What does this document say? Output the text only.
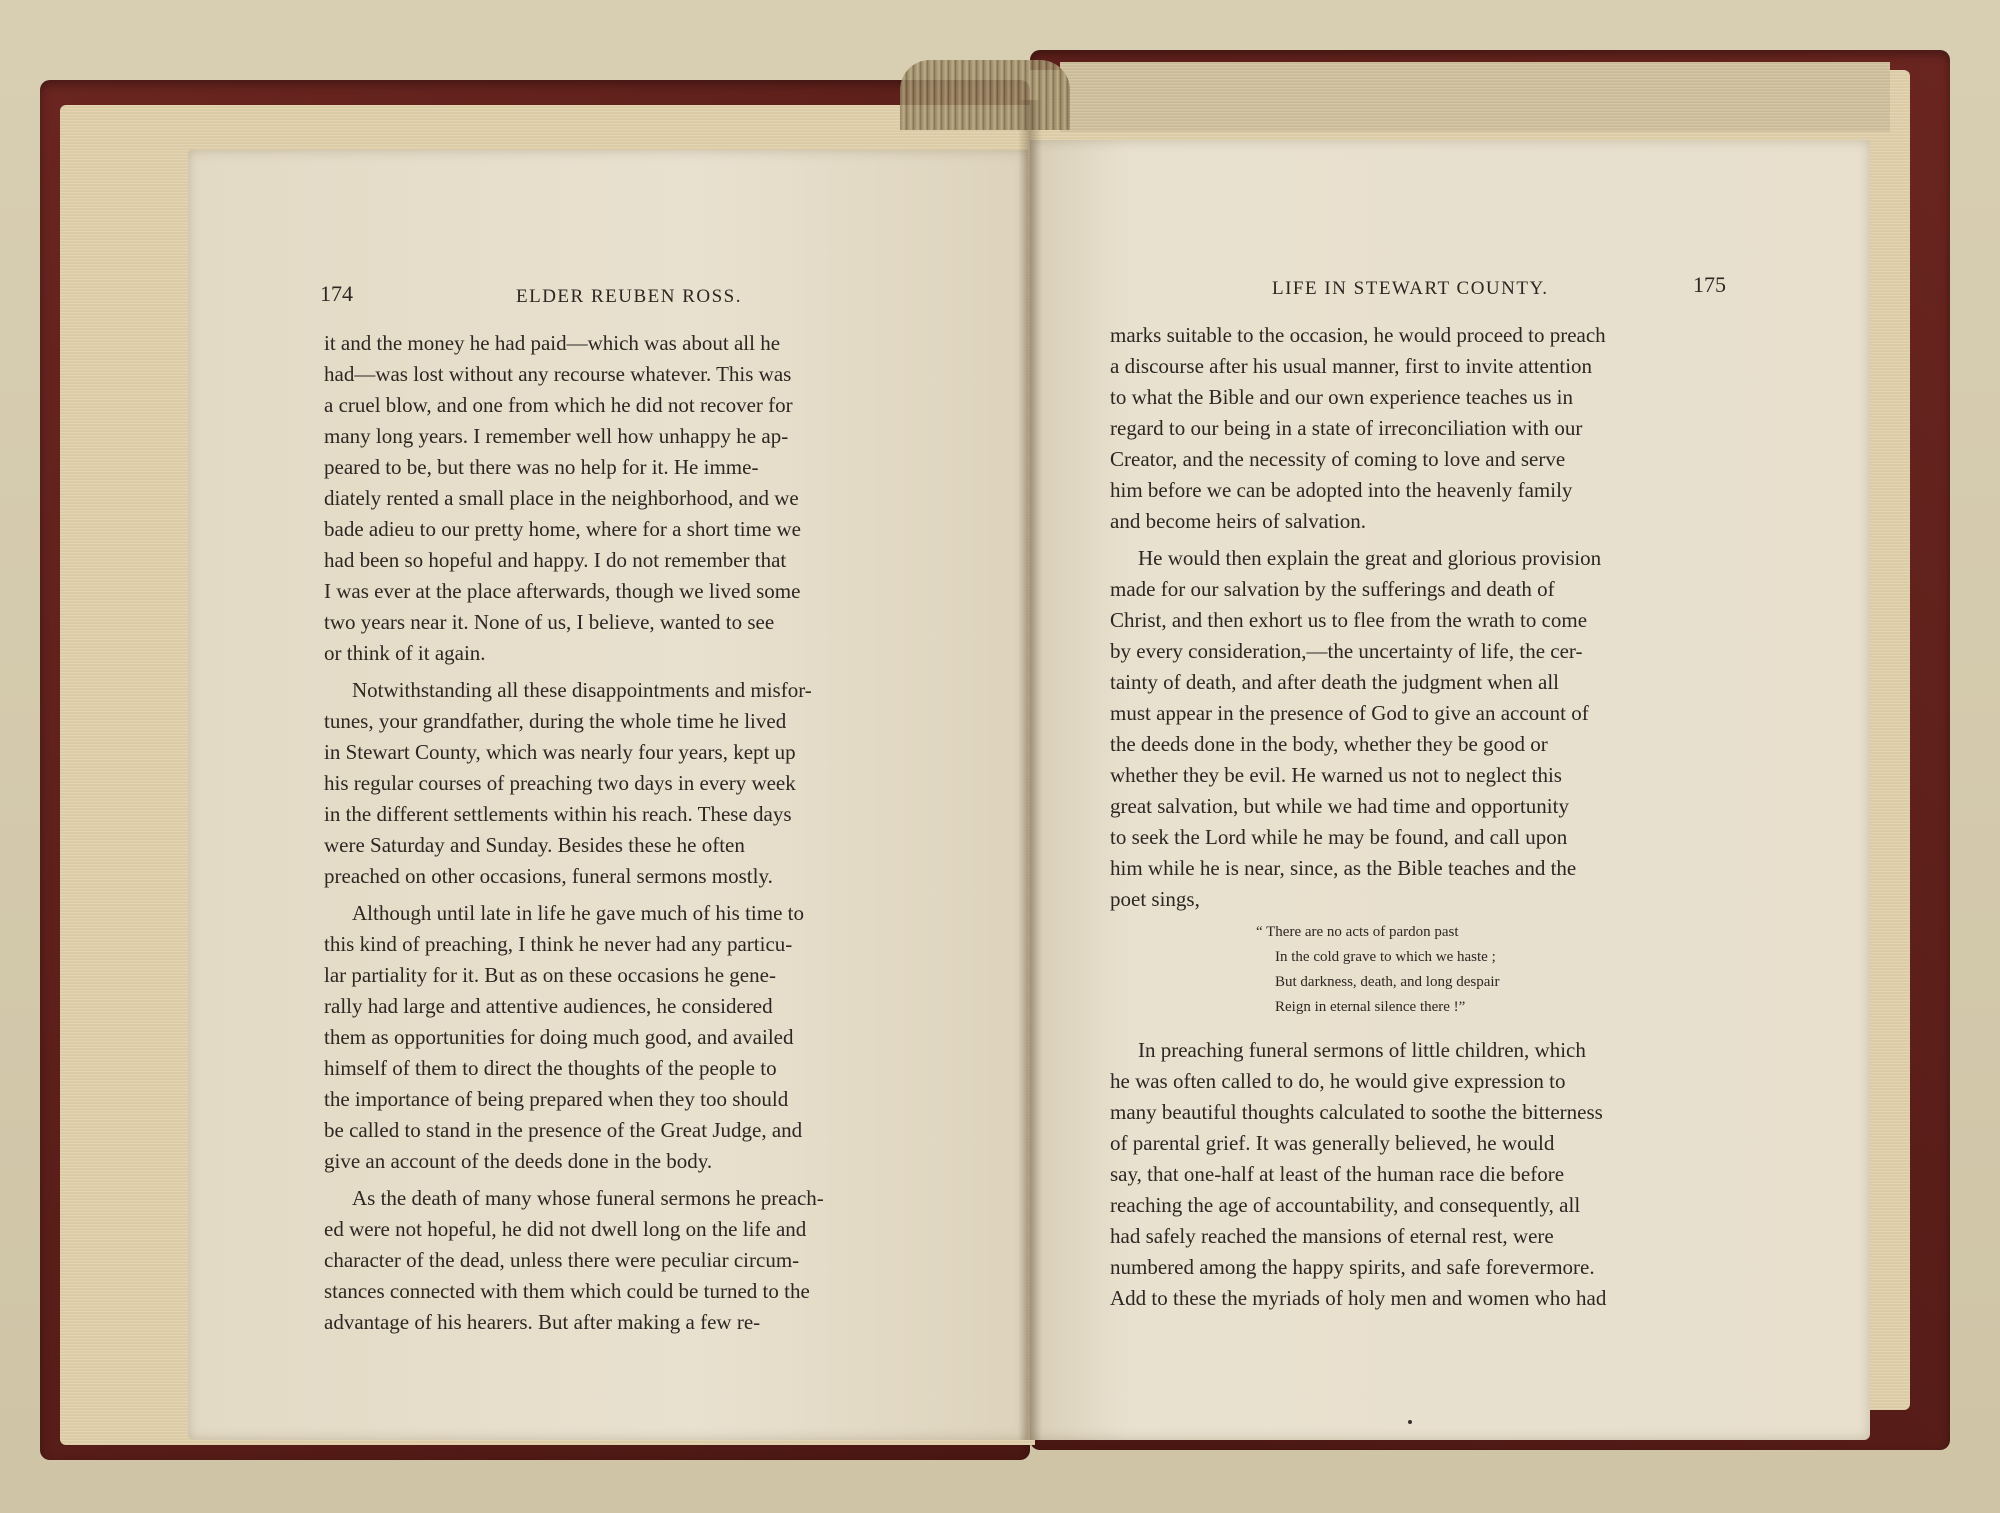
174	ELDER REUBEN ROSS.
it and the money he had paid—which was about all he
had—was lost without any recourse whatever. This was
a cruel blow, and one from which he did not recover for
many long years. I remember well how unhappy he ap-
peared to be, but there was no help for it. He imme-
diately rented a small place in the neighborhood, and we
bade adieu to our pretty home, where for a short time we
had been so hopeful and happy. I do not remember that
I was ever at the place afterwards, though we lived some
two years near it. None of us, I believe, wanted to see
or think of it again.
Notwithstanding all these disappointments and misfor-
tunes, your grandfather, during the whole time he lived
in Stewart County, which was nearly four years, kept up
his regular courses of preaching two days in every week
in the different settlements within his reach. These days
were Saturday and Sunday. Besides these he often
preached on other occasions, funeral sermons mostly.
Although until late in life he gave much of his time to
this kind of preaching, I think he never had any particu-
lar partiality for it. But as on these occasions he gene-
rally had large and attentive audiences, he considered
them as opportunities for doing much good, and availed
himself of them to direct the thoughts of the people to
the importance of being prepared when they too should
be called to stand in the presence of the Great Judge, and
give an account of the deeds done in the body.
As the death of many whose funeral sermons he preach-
ed were not hopeful, he did not dwell long on the life and
character of the dead, unless there were peculiar circum-
stances connected with them which could be turned to the
advantage of his hearers. But after making a few re-
LIFE IN STEWART COUNTY.	175
marks suitable to the occasion, he would proceed to preach
a discourse after his usual manner, first to invite attention
to what the Bible and our own experience teaches us in
regard to our being in a state of irreconciliation with our
Creator, and the necessity of coming to love and serve
him before we can be adopted into the heavenly family
and become heirs of salvation.
He would then explain the great and glorious provision
made for our salvation by the sufferings and death of
Christ, and then exhort us to flee from the wrath to come
by every consideration,—the uncertainty of life, the cer-
tainty of death, and after death the judgment when all
must appear in the presence of God to give an account of
the deeds done in the body, whether they be good or
whether they be evil. He warned us not to neglect this
great salvation, but while we had time and opportunity
to seek the Lord while he may be found, and call upon
him while he is near, since, as the Bible teaches and the
poet sings,
“ There are no acts of pardon past
In the cold grave to which we haste ;
But darkness, death, and long despair
Reign in eternal silence there !”
In preaching funeral sermons of little children, which
he was often called to do, he would give expression to
many beautiful thoughts calculated to soothe the bitterness
of parental grief. It was generally believed, he would
say, that one-half at least of the human race die before
reaching the age of accountability, and consequently, all
had safely reached the mansions of eternal rest, were
numbered among the happy spirits, and safe forevermore.
Add to these the myriads of holy men and women who had
